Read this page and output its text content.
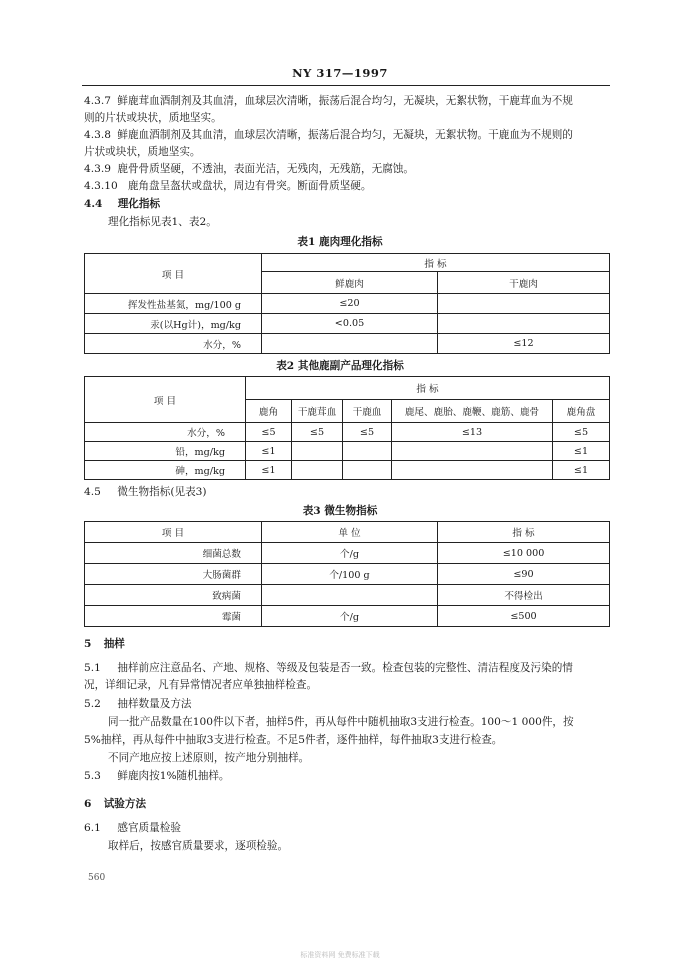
NY 317—1997
4.3.7 鲜鹿茸血酒制剂及其血清，血球层次清晰，振荡后混合均匀，无凝块，无絮状物，干鹿茸血为不规
则的片状或块状，质地坚实。
4.3.8 鲜鹿血酒制剂及其血清，血球层次清晰，振荡后混合均匀，无凝块，无絮状物。干鹿血为不规则的
片状或块状，质地坚实。
4.3.9 鹿骨骨质坚硬，不透油，表面光洁，无残肉，无残筋，无腐蚀。
4.3.10 鹿角盘呈盔状或盘状，周边有骨突。断面骨质坚硬。
4.4 理化指标
理化指标见表1、表2。
表1 鹿肉理化指标
项 目	指 标	
	鲜鹿肉	干鹿肉
挥发性盐基氮，mg/100 g	≤20	
汞(以Hg计)，mg/kg	<0.05	
水分，%		≤12
表2 其他鹿副产品理化指标
项 目	指 标				
	鹿角	干鹿茸血	干鹿血	鹿尾、鹿胎、鹿鞭、鹿筋、鹿骨	鹿角盘
水分，%	≤5	≤5	≤5	≤13	≤5
铅，mg/kg	≤1				≤1
砷，mg/kg	≤1				≤1
4.5 微生物指标(见表3)
表3 微生物指标
项 目	单 位	指 标
细菌总数	个/g	≤10 000
大肠菌群	个/100 g	≤90
致病菌		不得检出
霉菌	个/g	≤500
5 抽样
5.1 抽样前应注意品名、产地、规格、等级及包装是否一致。检查包装的完整性、清洁程度及污染的情
况，详细记录，凡有异常情况者应单独抽样检查。
5.2 抽样数量及方法
同一批产品数量在100件以下者，抽样5件，再从每件中随机抽取3支进行检查。100～1 000件，按
5%抽样，再从每件中抽取3支进行检查。不足5件者，逐件抽样，每件抽取3支进行检查。
不同产地应按上述原则，按产地分别抽样。
5.3 鲜鹿肉按1%随机抽样。
6 试验方法
6.1 感官质量检验
取样后，按感官质量要求，逐项检验。
560
标准资料网 免费标准下载
